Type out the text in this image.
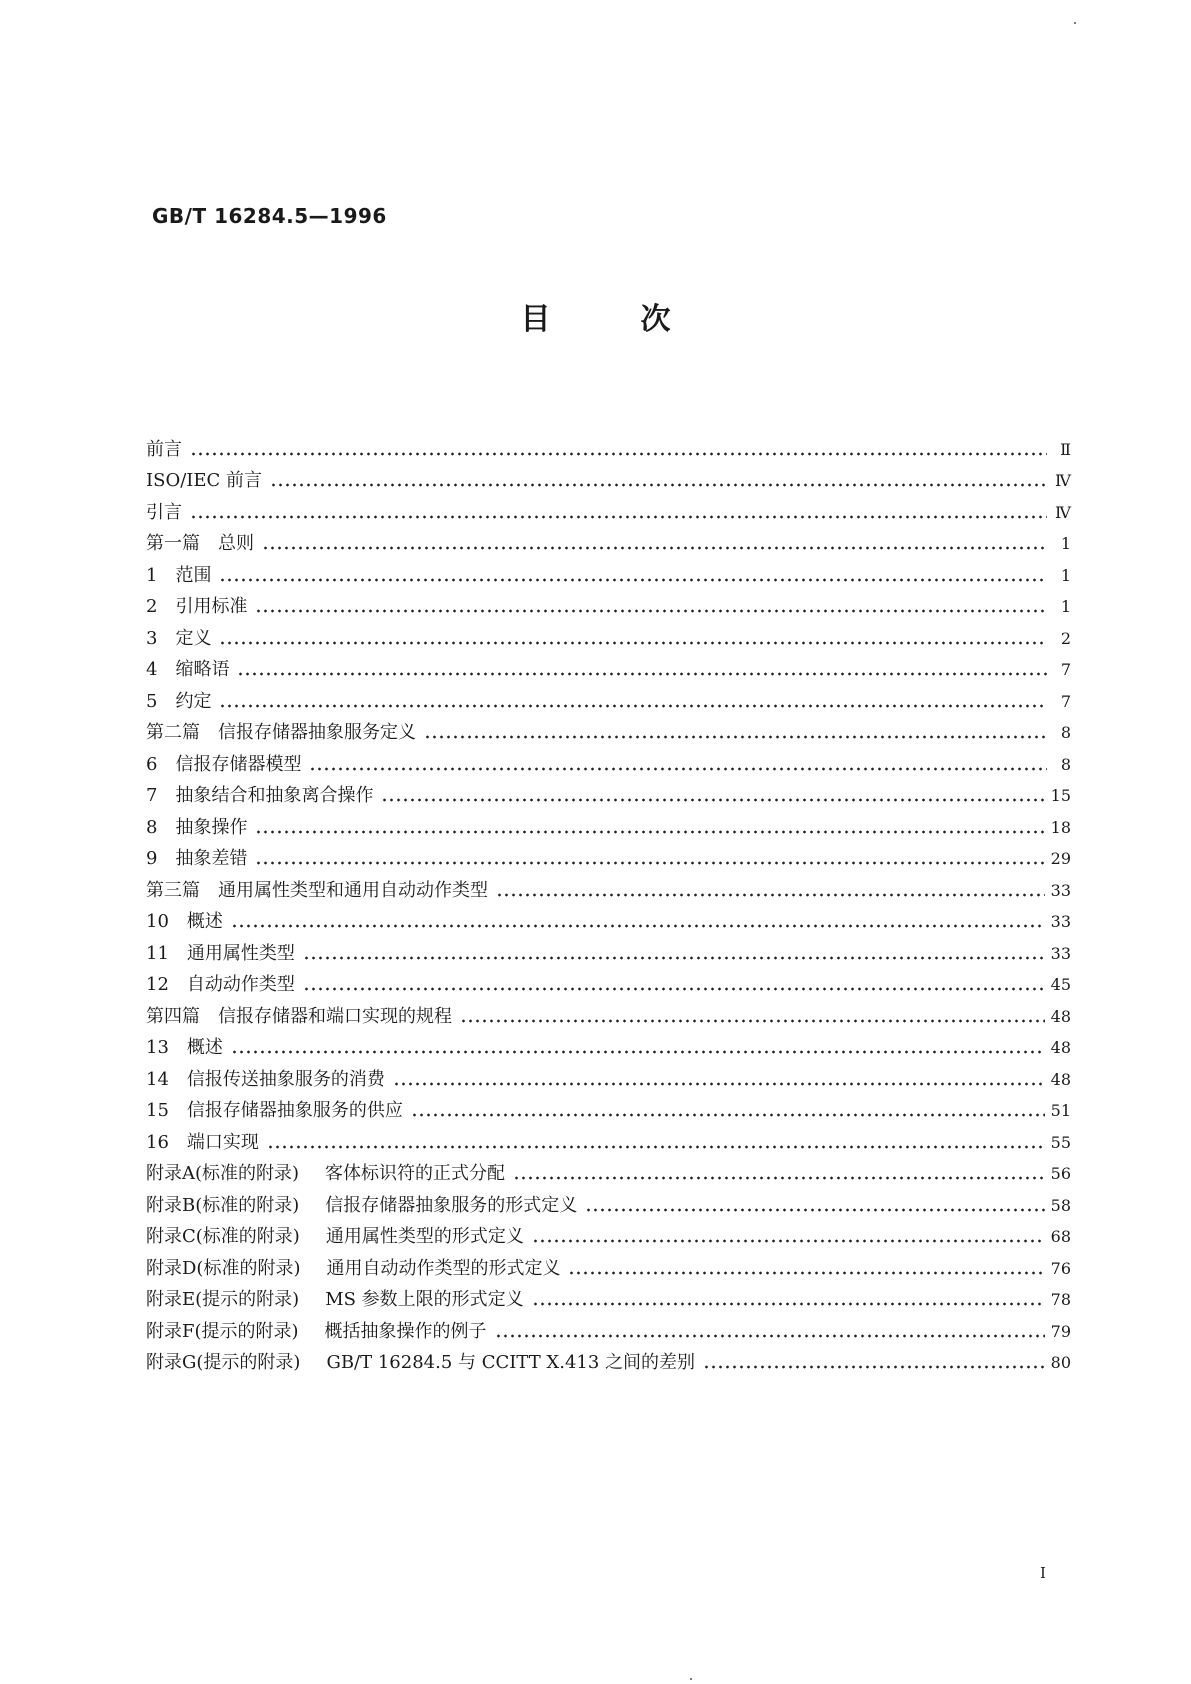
GB/T 16284.5—1996
目次
前言	Ⅱ
ISO/IEC 前言	Ⅳ
引言	Ⅳ
第一篇 总则	1
1 范围	1
2 引用标准	1
3 定义	2
4 缩略语	7
5 约定	7
第二篇 信报存储器抽象服务定义	8
6 信报存储器模型	8
7 抽象结合和抽象离合操作	15
8 抽象操作	18
9 抽象差错	29
第三篇 通用属性类型和通用自动动作类型	33
10 概述	33
11 通用属性类型	33
12 自动动作类型	45
第四篇 信报存储器和端口实现的规程	48
13 概述	48
14 信报传送抽象服务的消费	48
15 信报存储器抽象服务的供应	51
16 端口实现	55
附录A(标准的附录) 客体标识符的正式分配	56
附录B(标准的附录) 信报存储器抽象服务的形式定义	58
附录C(标准的附录) 通用属性类型的形式定义	68
附录D(标准的附录) 通用自动动作类型的形式定义	76
附录E(提示的附录) MS 参数上限的形式定义	78
附录F(提示的附录) 概括抽象操作的例子	79
附录G(提示的附录) GB/T 16284.5 与 CCITT X.413 之间的差别	80
I
